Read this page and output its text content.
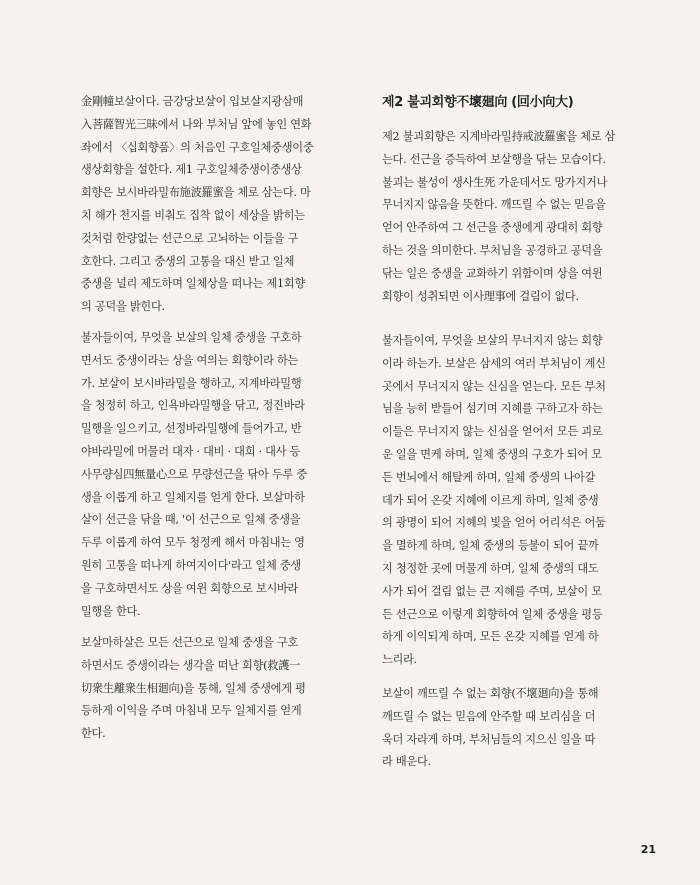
金剛幢보살이다. 금강당보살이 입보살지광삼매
入菩薩智光三昧에서 나와 부처님 앞에 놓인 연화
좌에서 〈십회향품〉의 처음인 구호일체중생이중
생상회향을 설한다. 제1 구호일체중생이중생상
회향은 보시바라밀布施波羅蜜을 체로 삼는다. 마
치 해가 천지를 비춰도 집착 없이 세상을 밝히는
것처럼 한량없는 선근으로 고뇌하는 이들을 구
호한다. 그리고 중생의 고통을 대신 받고 일체
중생을 널리 제도하며 일체상을 떠나는 제1회향
의 공덕을 밝힌다.

불자들이여, 무엇을 보살의 일체 중생을 구호하
면서도 중생이라는 상을 여의는 회향이라 하는
가. 보살이 보시바라밀을 행하고, 지계바라밀행
을 청정히 하고, 인욕바라밀행을 닦고, 정진바라
밀행을 일으키고, 선정바라밀행에 들어가고, 반
야바라밀에 머물러 대자 · 대비 · 대희 · 대사 등
사무량심四無量心으로 무량선근을 닦아 두루 중
생을 이롭게 하고 일체지를 얻게 한다. 보살마하
살이 선근을 닦을 때, '이 선근으로 일체 중생을
두루 이롭게 하여 모두 청정케 해서 마침내는 영
원히 고통을 떠나게 하여지이다'라고 일체 중생
을 구호하면서도 상을 여윈 회향으로 보시바라
밀행을 한다.

보살마하살은 모든 선근으로 일체 중생을 구호
하면서도 중생이라는 생각을 떠난 회향(救護一
切衆生離衆生相廻向)을 통해, 일체 중생에게 평
등하게 이익을 주며 마침내 모두 일체지를 얻게
한다.

제2 불괴회향不壞廻向 (回小向大)

제2 불괴회향은 지계바라밀持戒波羅蜜을 체로 삼
는다. 선근을 증득하여 보살행을 닦는 모습이다.
불괴는 불성이 생사生死 가운데서도 망가지거나
무너지지 않음을 뜻한다. 깨뜨릴 수 없는 믿음을
얻어 안주하여 그 선근을 중생에게 광대히 회향
하는 것을 의미한다. 부처님을 공경하고 공덕을
닦는 일은 중생을 교화하기 위함이며 상을 여윈
회향이 성취되면 이사理事에 걸림이 없다.

불자들이여, 무엇을 보살의 무너지지 않는 회향
이라 하는가. 보살은 삼세의 여러 부처님이 계신
곳에서 무너지지 않는 신심을 얻는다. 모든 부처
님을 능히 받들어 섬기며 지혜를 구하고자 하는
이들은 무너지지 않는 신심을 얻어서 모든 괴로
운 일을 면케 하며, 일체 중생의 구호가 되어 모
든 번뇌에서 해탈케 하며, 일체 중생의 나아갈
데가 되어 온갖 지혜에 이르게 하며, 일체 중생
의 광명이 되어 지혜의 빛을 얻어 어리석은 어둠
을 멸하게 하며, 일체 중생의 등불이 되어 끝까
지 청정한 곳에 머물게 하며, 일체 중생의 대도
사가 되어 걸림 없는 큰 지혜를 주며, 보살이 모
든 선근으로 이렇게 회향하여 일체 중생을 평등
하게 이익되게 하며, 모든 온갖 지혜를 얻게 하
느리라.

보살이 깨뜨릴 수 없는 회향(不壞廻向)을 통해
깨뜨릴 수 없는 믿음에 안주할 때 보리심을 더
욱더 자라게 하며, 부처님들의 지으신 일을 따
라 배운다.

21
